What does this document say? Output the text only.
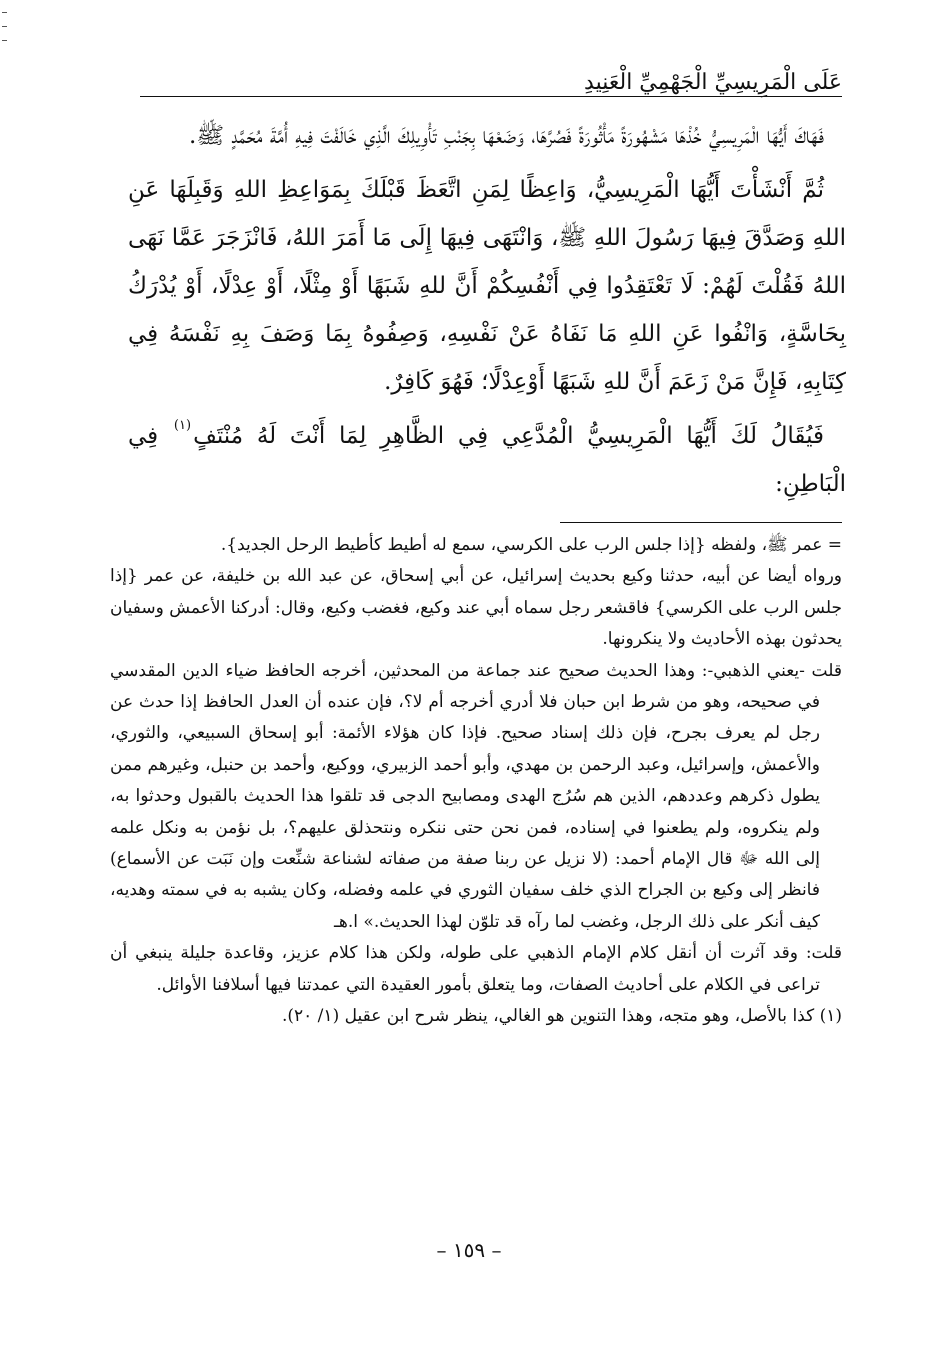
عَلَى الْمَرِيسِيِّ الْجَهْمِيِّ الْعَنِيدِ

فَهَاكَ أَيُّهَا الْمَرِيسِيُّ خُذْهَا مَشْهُورَةً مَأْثُورَةً فَصُرَّهَا، وَضَعْهَا بِجَنْبِ تَأْوِيلِكَ الَّذِي خَالَفْتَ فِيهِ أُمَّةَ مُحَمَّدٍ ﷺ.

ثُمَّ أَنْشَأْتَ أَيُّهَا الْمَرِيسِيُّ، وَاعِظًا لِمَنِ اتَّعَظَ قَبْلَكَ بِمَوَاعِظِ اللهِ وَقَبِلَهَا عَنِ اللهِ وَصَدَّقَ فِيهَا رَسُولَ اللهِ ﷺ، وَانْتَهَى فِيهَا إِلَى مَا أَمَرَ اللهُ، فَانْزَجَرَ عَمَّا نَهَى اللهُ فَقُلْتَ لَهُمْ: لَا تَعْتَقِدُوا فِي أَنْفُسِكُمْ أَنَّ للهِ شَبَهًا أَوْ مِثْلًا، أَوْ عِدْلًا، أَوْ يُدْرَكُ بِحَاسَّةٍ، وَانْفُوا عَنِ اللهِ مَا نَفَاهُ عَنْ نَفْسِهِ، وَصِفُوهُ بِمَا وَصَفَ بِهِ نَفْسَهُ فِي كِتَابِهِ، فَإِنَّ مَنْ زَعَمَ أَنَّ للهِ شَبَهًا أَوْعِدْلًا؛ فَهُوَ كَافِرٌ.

فَيُقَالُ لَكَ أَيُّهَا الْمَرِيسِيُّ الْمُدَّعِي فِي الظَّاهِرِ لِمَا أَنْتَ لَهُ مُنْتَفٍ$^{(١)}$ فِي الْبَاطِنِ:

= عمر ﷺ، ولفظه {إذا جلس الرب على الكرسي، سمع له أطيط كأطيط الرحل الجديد}.

ورواه أيضا عن أبيه، حدثنا وكيع بحديث إسرائيل، عن أبي إسحاق، عن عبد الله بن خليفة، عن عمر {إذا جلس الرب على الكرسي} فاقشعر رجل سماه أبي عند وكيع، فغضب وكيع، وقال: أدركنا الأعمش وسفيان يحدثون بهذه الأحاديث ولا ينكرونها.

قلت -يعني الذهبي-: وهذا الحديث صحيح عند جماعة من المحدثين، أخرجه الحافظ ضياء الدين المقدسي في صحيحه، وهو من شرط ابن حبان فلا أدري أخرجه أم لا؟، فإن عنده أن العدل الحافظ إذا حدث عن رجل لم يعرف بجرح، فإن ذلك إسناد صحيح. فإذا كان هؤلاء الأئمة: أبو إسحاق السبيعي، والثوري، والأعمش، وإسرائيل، وعبد الرحمن بن مهدي، وأبو أحمد الزبيري، ووكيع، وأحمد بن حنبل، وغيرهم ممن يطول ذكرهم وعددهم، الذين هم سُرُج الهدى ومصابيح الدجى قد تلقوا هذا الحديث بالقبول وحدثوا به، ولم ينكروه، ولم يطعنوا في إسناده، فمن نحن حتى ننكره ونتحذلق عليهم؟، بل نؤمن به ونكل علمه إلى الله ﷻ قال الإمام أحمد: (لا نزيل عن ربنا صفة من صفاته لشناعة شنِّعت وإن نَبَت عن الأسماع) فانظر إلى وكيع بن الجراح الذي خلف سفيان الثوري في علمه وفضله، وكان يشبه به في سمته وهديه، كيف أنكر على ذلك الرجل، وغضب لما رآه قد تلوّن لهذا الحديث.» ا.هـ

قلت: وقد آثرت أن أنقل كلام الإمام الذهبي على طوله، ولكن هذا كلام عزيز، وقاعدة جليلة ينبغي أن تراعى في الكلام على أحاديث الصفات، وما يتعلق بأمور العقيدة التي عمدتنا فيها أسلافنا الأوائل.

(١) كذا بالأصل، وهو متجه، وهذا التنوين هو الغالي، ينظر شرح ابن عقيل (١/ ٢٠).

– ١٥٩ –
